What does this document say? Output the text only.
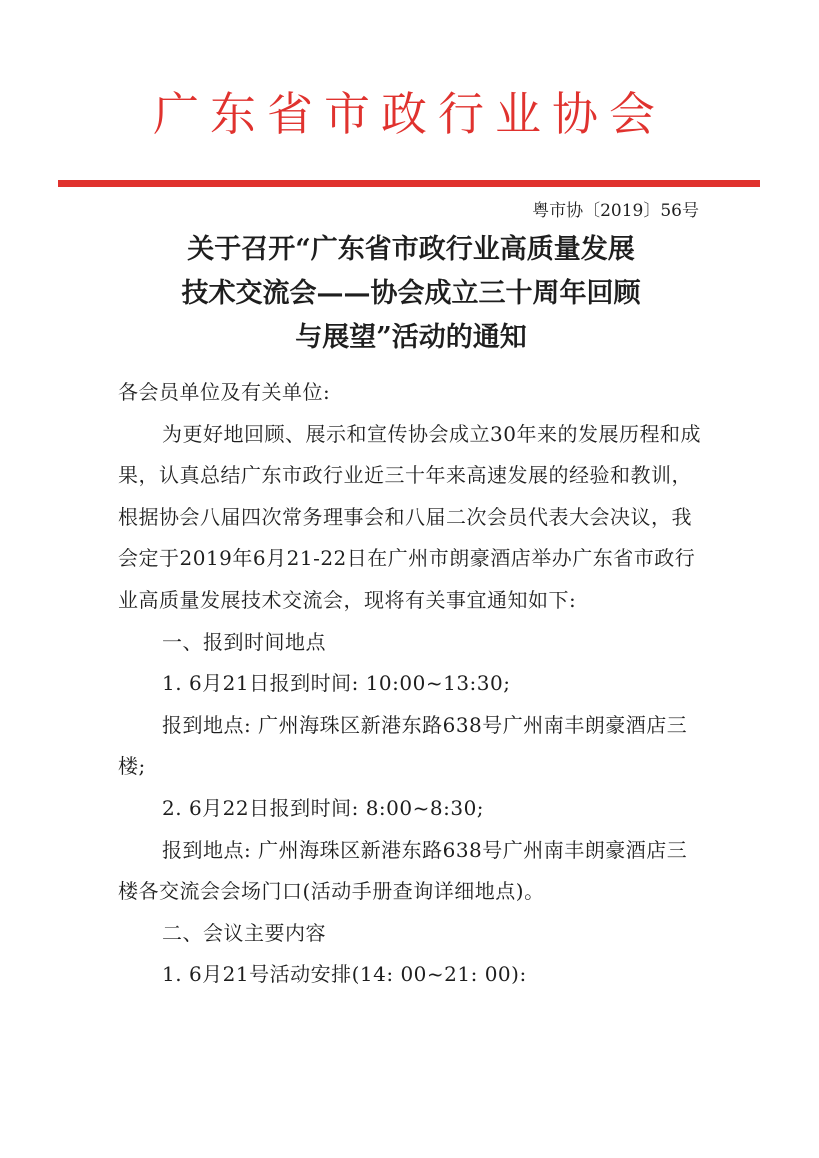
广东省市政行业协会
粤市协〔2019〕56号
关于召开“广东省市政行业高质量发展
技术交流会——协会成立三十周年回顾
与展望”活动的通知

各会员单位及有关单位:

为更好地回顾、展示和宣传协会成立30年来的发展历程和成果，认真总结广东市政行业近三十年来高速发展的经验和教训，根据协会八届四次常务理事会和八届二次会员代表大会决议，我会定于2019年6月21-22日在广州市朗豪酒店举办广东省市政行业高质量发展技术交流会，现将有关事宜通知如下:

一、报到时间地点

1. 6月21日报到时间: 10:00~13:30;

报到地点: 广州海珠区新港东路638号广州南丰朗豪酒店三楼;

2. 6月22日报到时间: 8:00~8:30;

报到地点: 广州海珠区新港东路638号广州南丰朗豪酒店三楼各交流会会场门口(活动手册查询详细地点)。

二、会议主要内容

1. 6月21号活动安排(14: 00~21: 00):
